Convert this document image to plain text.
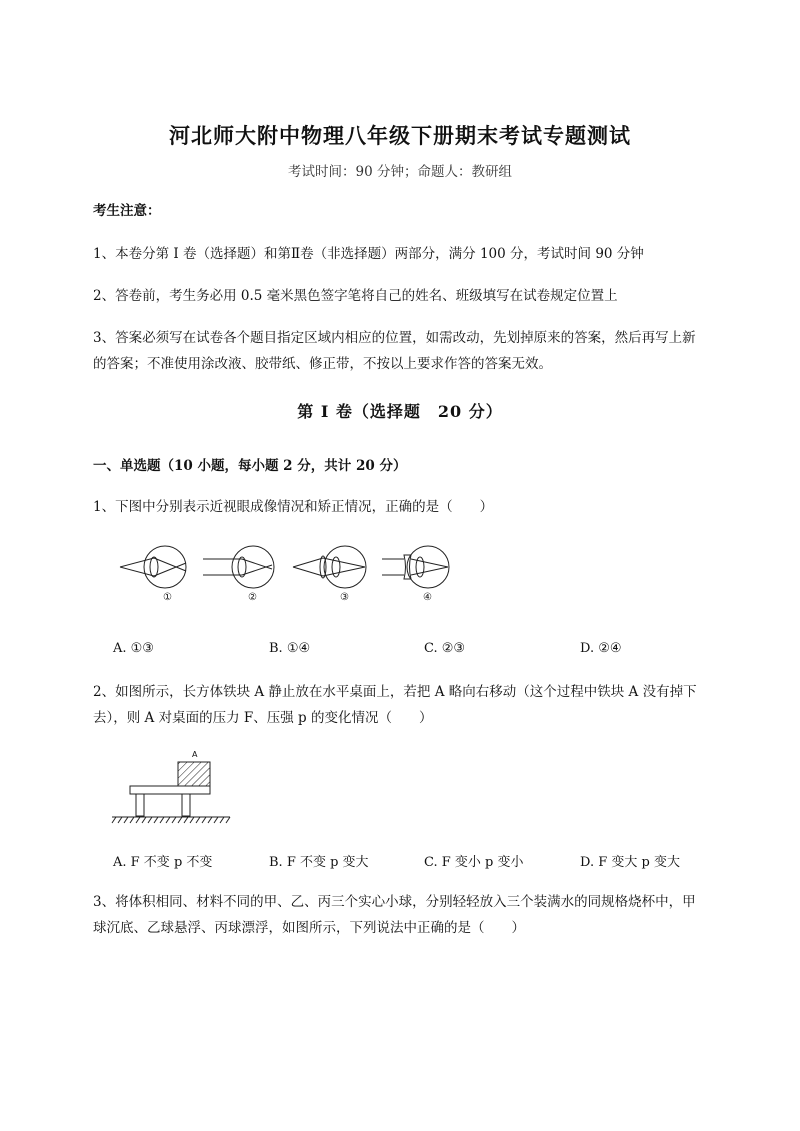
河北师大附中物理八年级下册期末考试专题测试
考试时间：90 分钟；命题人：教研组
考生注意：
1、本卷分第 I 卷（选择题）和第Ⅱ卷（非选择题）两部分，满分 100 分，考试时间 90 分钟
2、答卷前，考生务必用 0.5 毫米黑色签字笔将自己的姓名、班级填写在试卷规定位置上
3、答案必须写在试卷各个题目指定区域内相应的位置，如需改动，先划掉原来的答案，然后再写上新
的答案；不准使用涂改液、胶带纸、修正带，不按以上要求作答的答案无效。
第 I 卷（选择题　20 分）
一、单选题（10 小题，每小题 2 分，共计 20 分）
1、下图中分别表示近视眼成像情况和矫正情况，正确的是（　　）
①	②	③	④
A. ①③	B. ①④	C. ②③	D. ②④
2、如图所示，长方体铁块 A 静止放在水平桌面上，若把 A 略向右移动（这个过程中铁块 A 没有掉下
去），则 A 对桌面的压力 F、压强 p 的变化情况（　　）
A
A. F 不变 p 不变	B. F 不变 p 变大	C. F 变小 p 变小	D. F 变大 p 变大
3、将体积相同、材料不同的甲、乙、丙三个实心小球，分别轻轻放入三个装满水的同规格烧杯中，甲
球沉底、乙球悬浮、丙球漂浮，如图所示，下列说法中正确的是（　　）
